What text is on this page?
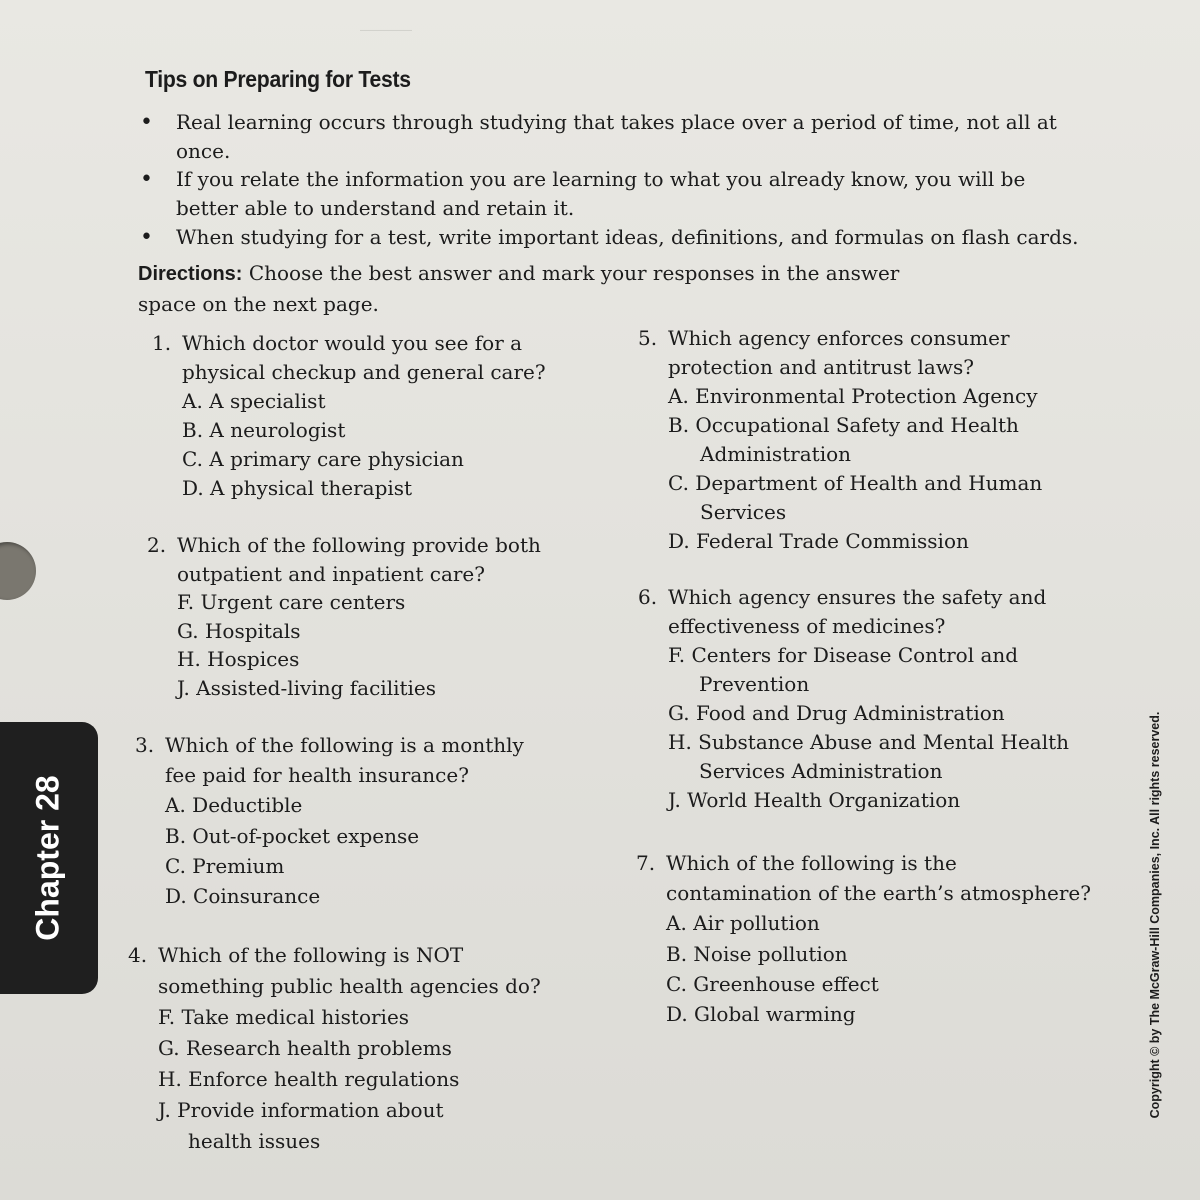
____
Tips on Preparing for Tests
• Real learning occurs through studying that takes place over a period of time, not all at once.
• If you relate the information you are learning to what you already know, you will be better able to understand and retain it.
• When studying for a test, write important ideas, definitions, and formulas on flash cards.
Directions: Choose the best answer and mark your responses in the answer space on the next page.
1. Which doctor would you see for a
physical checkup and general care?
A. A specialist
B. A neurologist
C. A primary care physician
D. A physical therapist
2. Which of the following provide both
outpatient and inpatient care?
F. Urgent care centers
G. Hospitals
H. Hospices
J. Assisted-living facilities
3. Which of the following is a monthly
fee paid for health insurance?
A. Deductible
B. Out-of-pocket expense
C. Premium
D. Coinsurance
4. Which of the following is NOT
something public health agencies do?
F. Take medical histories
G. Research health problems
H. Enforce health regulations
J. Provide information about
health issues
5. Which agency enforces consumer
protection and antitrust laws?
A. Environmental Protection Agency
B. Occupational Safety and Health
Administration
C. Department of Health and Human
Services
D. Federal Trade Commission
6. Which agency ensures the safety and
effectiveness of medicines?
F. Centers for Disease Control and
Prevention
G. Food and Drug Administration
H. Substance Abuse and Mental Health
Services Administration
J. World Health Organization
7. Which of the following is the
contamination of the earth’s atmosphere?
A. Air pollution
B. Noise pollution
C. Greenhouse effect
D. Global warming
Chapter 28	Copyright © by The McGraw-Hill Companies, Inc. All rights reserved.
